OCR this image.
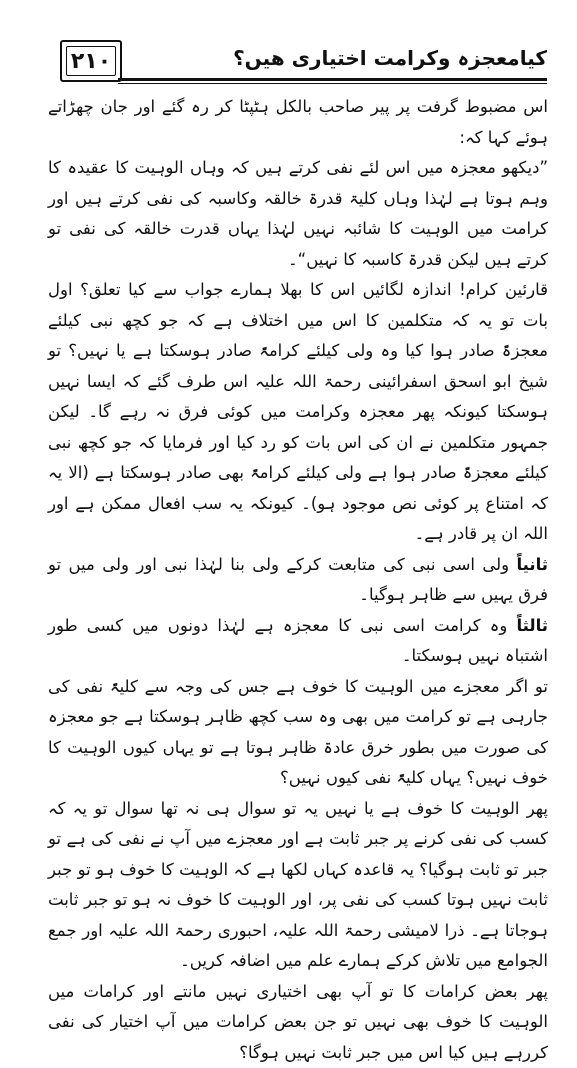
۲۱۰	کیامعجزہ وکرامت اختیاری ھیں؟

اس مضبوط گرفت پر پیر صاحب بالکل ہٹپٹا کر رہ گئے اور جان چھڑاتے ہوئے کہا کہ:

”دیکھو معجزہ میں اس لئے نفی کرتے ہیں کہ وہاں الوہیت کا عقیدہ کا وہم ہوتا ہے لہٰذا وہاں کلیۃ قدرۃ خالقہ وکاسبہ کی نفی کرتے ہیں اور کرامت میں الوہیت کا شائبہ نہیں لہٰذا یہاں قدرت خالقہ کی نفی تو کرتے ہیں لیکن قدرۃ کاسبہ کا نہیں“۔

قارئین کرام! اندازہ لگائیں اس کا بھلا ہمارے جواب سے کیا تعلق؟ اول بات تو یہ کہ متکلمین کا اس میں اختلاف ہے کہ جو کچھ نبی کیلئے معجزۃً صادر ہوا کیا وہ ولی کیلئے کرامۃً صادر ہوسکتا ہے یا نہیں؟ تو شیخ ابو اسحق اسفرائینی رحمۃ اللہ علیہ اس طرف گئے کہ ایسا نہیں ہوسکتا کیونکہ پھر معجزہ وکرامت میں کوئی فرق نہ رہے گا۔ لیکن جمہور متکلمین نے ان کی اس بات کو رد کیا اور فرمایا کہ جو کچھ نبی کیلئے معجزۃً صادر ہوا ہے ولی کیلئے کرامۃً بھی صادر ہوسکتا ہے (الا یہ کہ امتناع پر کوئی نص موجود ہو)۔ کیونکہ یہ سب افعال ممکن ہے اور اللہ ان پر قادر ہے۔

ثانیاً ولی اسی نبی کی متابعت کرکے ولی بنا لہٰذا نبی اور ولی میں تو فرق یہیں سے ظاہر ہوگیا۔

ثالثاً وہ کرامت اسی نبی کا معجزہ ہے لہٰذا دونوں میں کسی طور اشتباہ نہیں ہوسکتا۔

تو اگر معجزے میں الوہیت کا خوف ہے جس کی وجہ سے کلیۃً نفی کی جارہی ہے تو کرامت میں بھی وہ سب کچھ ظاہر ہوسکتا ہے جو معجزہ کی صورت میں بطور خرق عادۃ ظاہر ہوتا ہے تو یہاں کیوں الوہیت کا خوف نہیں؟ یہاں کلیۃً نفی کیوں نہیں؟

پھر الوہیت کا خوف ہے یا نہیں یہ تو سوال ہی نہ تھا سوال تو یہ کہ کسب کی نفی کرنے پر جبر ثابت ہے اور معجزے میں آپ نے نفی کی ہے تو جبر تو ثابت ہوگیا؟ یہ قاعدہ کہاں لکھا ہے کہ الوہیت کا خوف ہو تو جبر ثابت نہیں ہوتا کسب کی نفی پر، اور الوہیت کا خوف نہ ہو تو جبر ثابت ہوجاتا ہے۔ ذرا لامیشی رحمۃ اللہ علیہ، احبوری رحمۃ اللہ علیہ اور جمع الجوامع میں تلاش کرکے ہمارے علم میں اضافہ کریں۔

پھر بعض کرامات کا تو آپ بھی اختیاری نہیں مانتے اور کرامات میں الوہیت کا خوف بھی نہیں تو جن بعض کرامات میں آپ اختیار کی نفی کررہے ہیں کیا اس میں جبر ثابت نہیں ہوگا؟
